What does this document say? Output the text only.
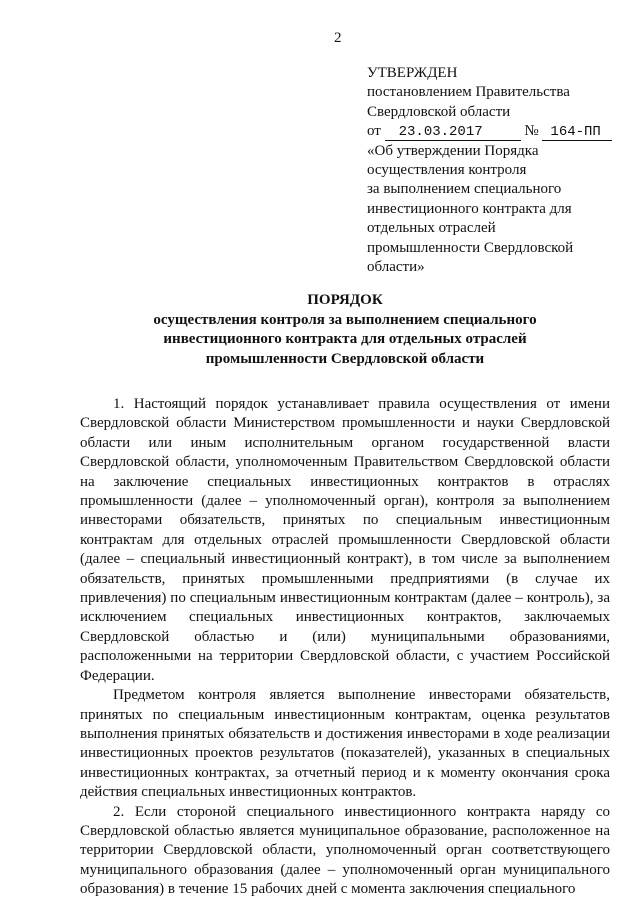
2
УТВЕРЖДЕН
постановлением Правительства
Свердловской области
от 23.03.2017	№ 164-ПП
«Об утверждении Порядка
осуществления контроля
за выполнением специального
инвестиционного контракта для
отдельных отраслей
промышленности Свердловской
области»
ПОРЯДОК
осуществления контроля за выполнением специального
инвестиционного контракта для отдельных отраслей
промышленности Свердловской области

1. Настоящий порядок устанавливает правила осуществления от имени Свердловской области Министерством промышленности и науки Свердловской области или иным исполнительным органом государственной власти Свердловской области, уполномоченным Правительством Свердловской области на заключение специальных инвестиционных контрактов в отраслях промышленности (далее – уполномоченный орган), контроля за выполнением инвесторами обязательств, принятых по специальным инвестиционным контрактам для отдельных отраслей промышленности Свердловской области (далее – специальный инвестиционный контракт), в том числе за выполнением обязательств, принятых промышленными предприятиями (в случае их привлечения) по специальным инвестиционным контрактам (далее – контроль), за исключением специальных инвестиционных контрактов, заключаемых Свердловской областью и (или) муниципальными образованиями, расположенными на территории Свердловской области, с участием Российской Федерации.

Предметом контроля является выполнение инвесторами обязательств, принятых по специальным инвестиционным контрактам, оценка результатов выполнения принятых обязательств и достижения инвесторами в ходе реализации инвестиционных проектов результатов (показателей), указанных в специальных инвестиционных контрактах, за отчетный период и к моменту окончания срока действия специальных инвестиционных контрактов.

2. Если стороной специального инвестиционного контракта наряду со Свердловской областью является муниципальное образование, расположенное на территории Свердловской области, уполномоченный орган соответствующего муниципального образования (далее – уполномоченный орган муниципального образования) в течение 15 рабочих дней с момента заключения специального
